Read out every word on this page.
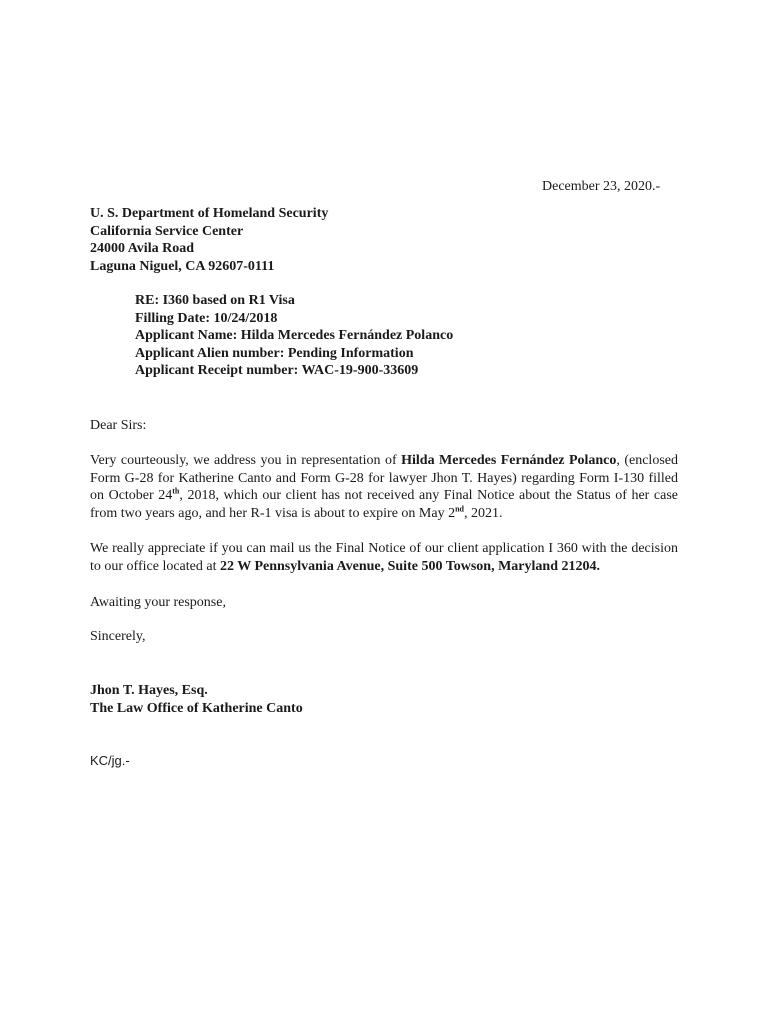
December 23, 2020.-
U. S. Department of Homeland Security
California Service Center
24000 Avila Road
Laguna Niguel, CA 92607-0111
RE: I360 based on R1 Visa
Filling Date: 10/24/2018
Applicant Name: Hilda Mercedes Fernández Polanco
Applicant Alien number: Pending Information
Applicant Receipt number: WAC-19-900-33609
Dear Sirs:
Very courteously, we address you in representation of Hilda Mercedes Fernández Polanco, (enclosed Form G-28 for Katherine Canto and Form G-28 for lawyer Jhon T. Hayes) regarding Form I-130 filled on October 24th, 2018, which our client has not received any Final Notice about the Status of her case from two years ago, and her R-1 visa is about to expire on May 2nd, 2021.
We really appreciate if you can mail us the Final Notice of our client application I 360 with the decision to our office located at 22 W Pennsylvania Avenue, Suite 500 Towson, Maryland 21204.
Awaiting your response,
Sincerely,
Jhon T. Hayes, Esq.
The Law Office of Katherine Canto
KC/jg.-
